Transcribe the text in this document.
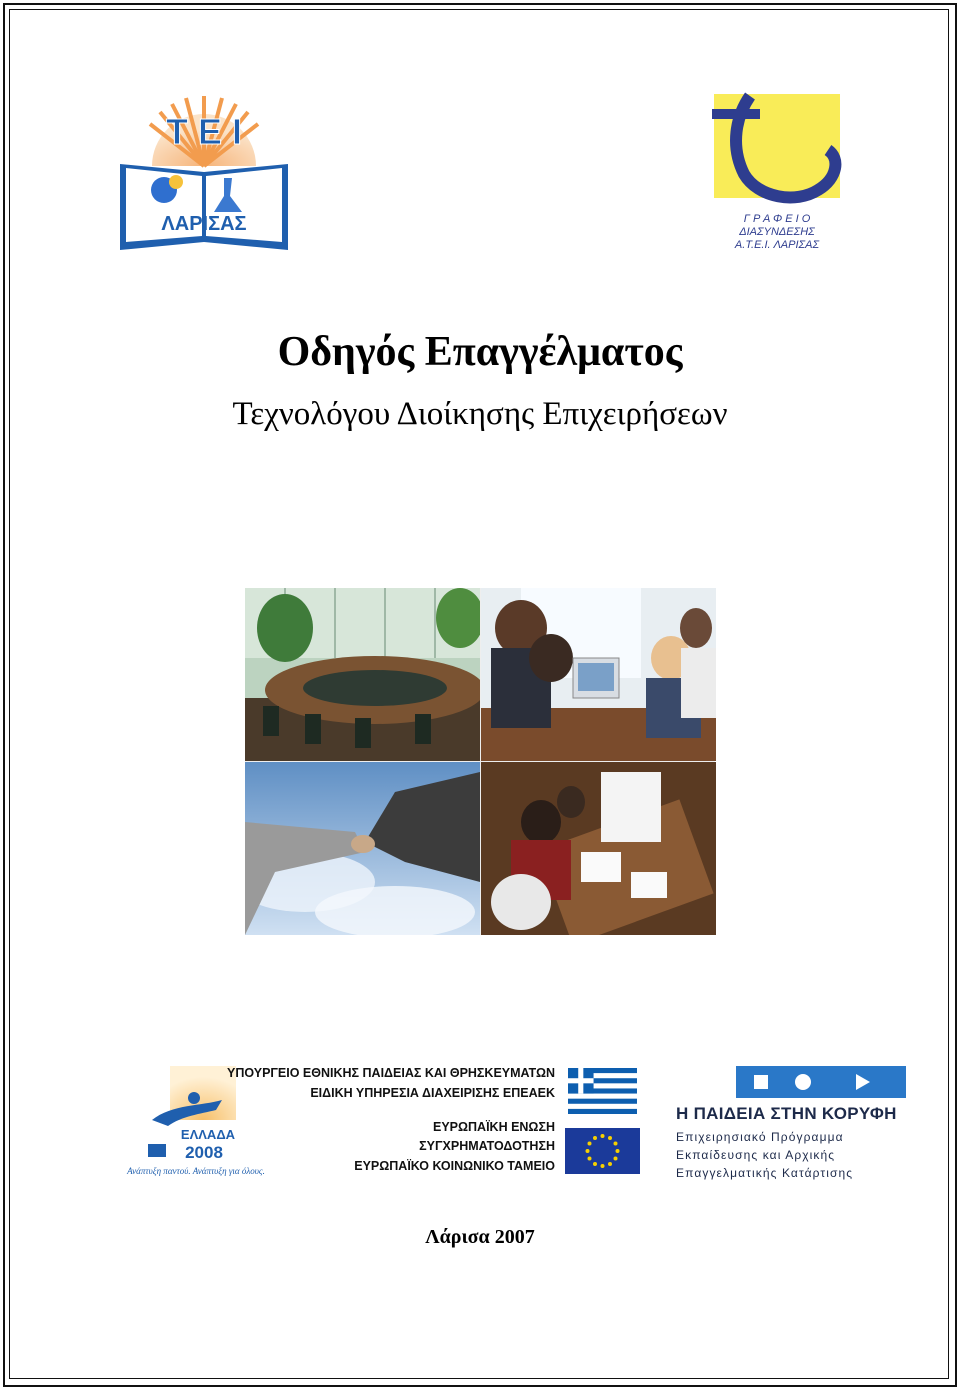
ΛΑΡΙΣΑΣ
T E I
Γ Ρ Α Φ Ε Ι Ο
ΔΙΑΣΥΝΔΕΣΗΣ
Α.Τ.Ε.Ι. ΛΑΡΙΣΑΣ
Οδηγός Επαγγέλματος
Τεχνολόγου Διοίκησης Επιχειρήσεων
ΕΛΛΑΔΑ
2008
Ανάπτυξη παντού. Ανάπτυξη για όλους.
ΥΠΟΥΡΓΕΙΟ ΕΘΝΙΚΗΣ ΠΑΙΔΕΙΑΣ ΚΑΙ ΘΡΗΣΚΕΥΜΑΤΩΝ
ΕΙΔΙΚΗ ΥΠΗΡΕΣΙΑ ΔΙΑΧΕΙΡΙΣΗΣ ΕΠΕΑΕΚ
ΕΥΡΩΠΑΪΚΗ ΕΝΩΣΗ
ΣΥΓΧΡΗΜΑΤΟΔΟΤΗΣΗ
ΕΥΡΩΠΑΪΚΟ ΚΟΙΝΩΝΙΚΟ ΤΑΜΕΙΟ
Η ΠΑΙΔΕΙΑ ΣΤΗΝ ΚΟΡΥΦΗ
Επιχειρησιακό Πρόγραμμα
Εκπαίδευσης και Αρχικής
Επαγγελματικής Κατάρτισης
Λάρισα 2007
